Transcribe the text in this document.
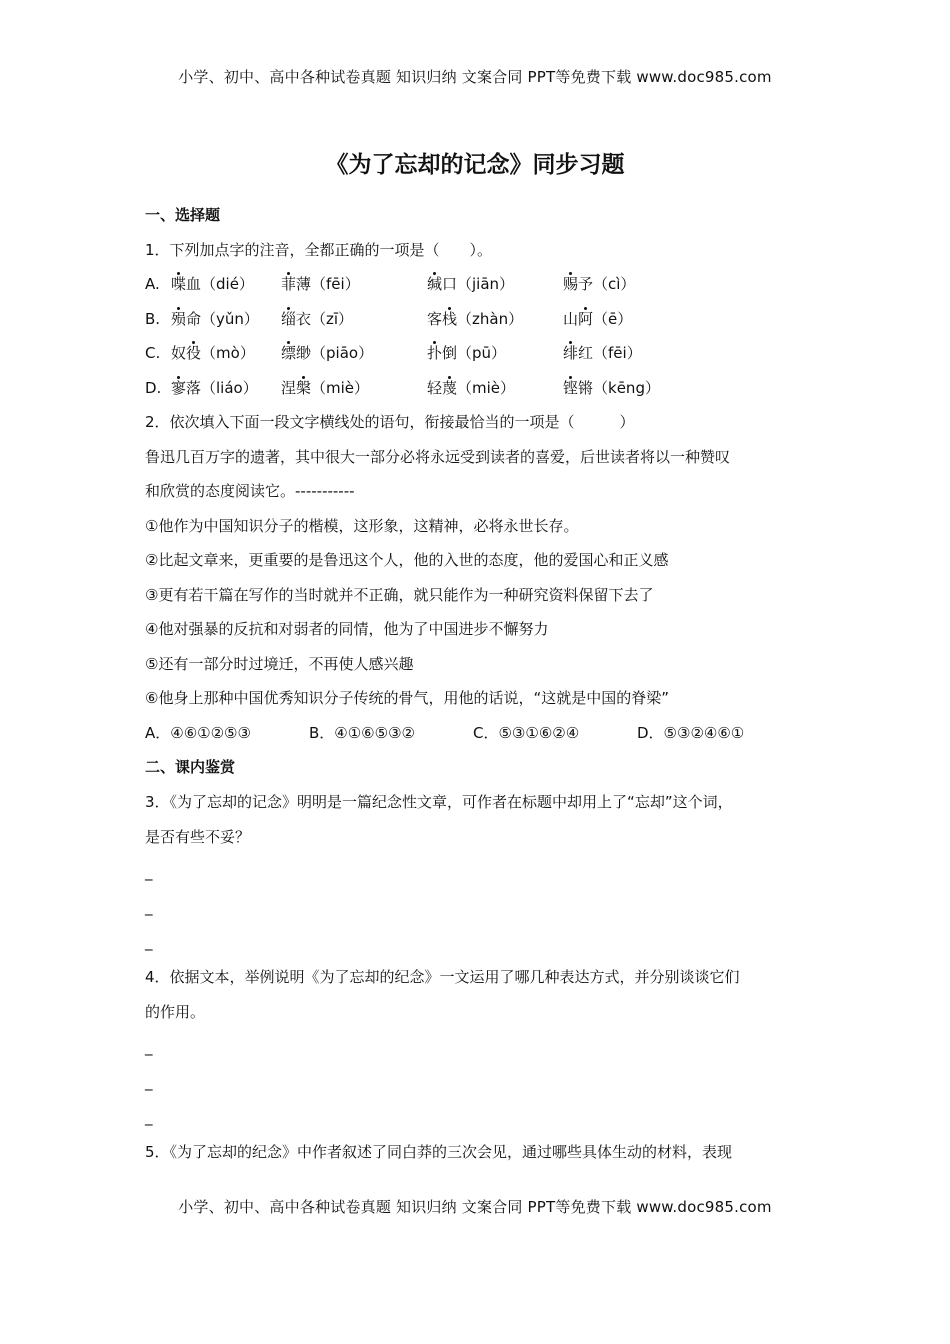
小学、初中、高中各种试卷真题 知识归纳 文案合同 PPT等免费下载 www.doc985.com
《为了忘却的记念》同步习题
一、选择题
1．下列加点字的注音，全都正确的一项是（　　）。
A. 喋血（dié） 菲薄（fēi）	缄口（jiān）	赐予（cì）
B. 殒命（yǔn） 缁衣（zī）	客栈（zhàn）	山阿（ē）
C. 奴役（mò） 缥缈（piāo）	扑倒（pū）	绯红（fēi）
D. 寥落（liáo） 涅槃（miè）	轻蔑（miè）	铿锵（kēng）
2．依次填入下面一段文字横线处的语句，衔接最恰当的一项是（　　　）
鲁迅几百万字的遗著，其中很大一部分必将永远受到读者的喜爱，后世读者将以一种赞叹
和欣赏的态度阅读它。-----------
①他作为中国知识分子的楷模，这形象，这精神，必将永世长存。
②比起文章来，更重要的是鲁迅这个人，他的入世的态度，他的爱国心和正义感
③更有若干篇在写作的当时就并不正确，就只能作为一种研究资料保留下去了
④他对强暴的反抗和对弱者的同情，他为了中国进步不懈努力
⑤还有一部分时过境迁，不再使人感兴趣
⑥他身上那种中国优秀知识分子传统的骨气，用他的话说，“这就是中国的脊梁”
A．④⑥①②⑤③	B．④①⑥⑤③②	C．⑤③①⑥②④	D．⑤③②④⑥①
二、课内鉴赏
3．《为了忘却的记念》明明是一篇纪念性文章，可作者在标题中却用上了“忘却”这个词，
是否有些不妥？
_
_
_
4．依据文本，举例说明《为了忘却的纪念》一文运用了哪几种表达方式，并分别谈谈它们
的作用。
_
_
_
5．《为了忘却的纪念》中作者叙述了同白莽的三次会见，通过哪些具体生动的材料，表现
小学、初中、高中各种试卷真题 知识归纳 文案合同 PPT等免费下载 www.doc985.com
